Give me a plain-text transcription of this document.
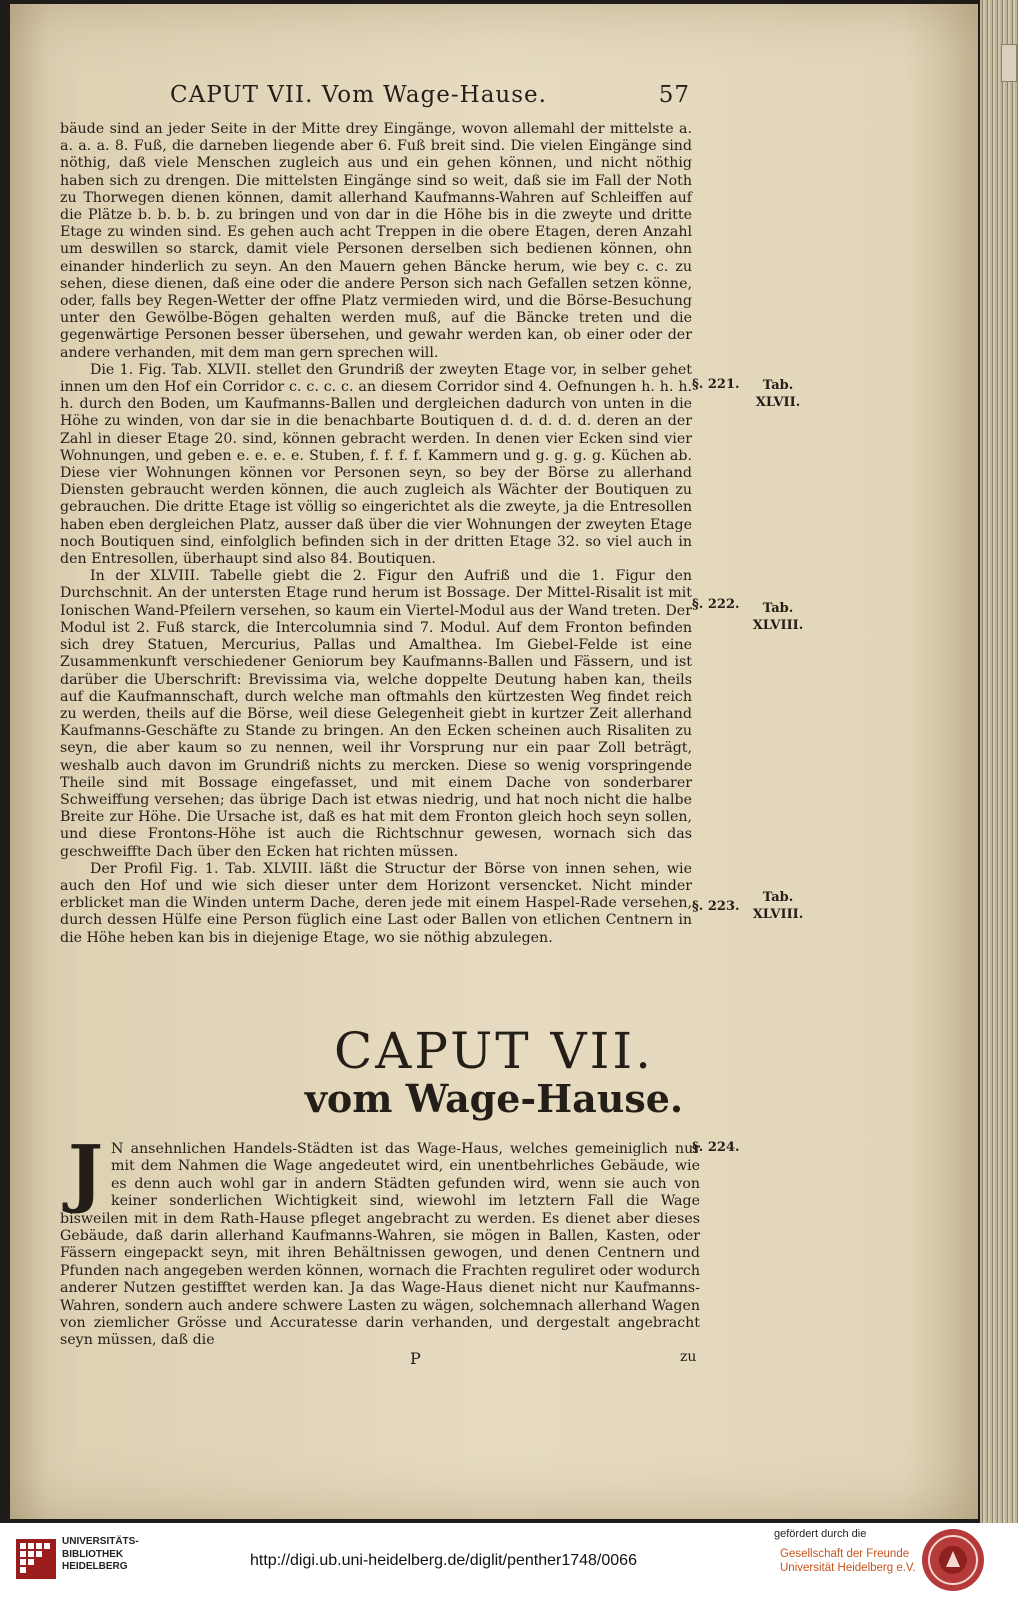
CAPUT VII. Vom Wage-Hause.	57

bäude sind an jeder Seite in der Mitte drey Eingänge, wovon allemahl der mittelste a. a. a. a. 8. Fuß, die darneben liegende aber 6. Fuß breit sind. Die vielen Eingänge sind nöthig, daß viele Menschen zugleich aus und ein gehen können, und nicht nöthig haben sich zu drengen. Die mittelsten Eingänge sind so weit, daß sie im Fall der Noth zu Thorwegen dienen können, damit allerhand Kaufmanns-Wahren auf Schleiffen auf die Plätze b. b. b. b. zu bringen und von dar in die Höhe bis in die zweyte und dritte Etage zu winden sind. Es gehen auch acht Treppen in die obere Etagen, deren Anzahl um deswillen so starck, damit viele Personen derselben sich bedienen können, ohn einander hinderlich zu seyn. An den Mauern gehen Bäncke herum, wie bey c. c. zu sehen, diese dienen, daß eine oder die andere Person sich nach Gefallen setzen könne, oder, falls bey Regen-Wetter der offne Platz vermieden wird, und die Börse-Besuchung unter den Gewölbe-Bögen gehalten werden muß, auf die Bäncke treten und die gegenwärtige Personen besser übersehen, und gewahr werden kan, ob einer oder der andere verhanden, mit dem man gern sprechen will.

Die 1. Fig. Tab. XLVII. stellet den Grundriß der zweyten Etage vor, in selber gehet innen um den Hof ein Corridor c. c. c. c. an diesem Corridor sind 4. Oefnungen h. h. h. h. durch den Boden, um Kaufmanns-Ballen und dergleichen dadurch von unten in die Höhe zu winden, von dar sie in die benachbarte Boutiquen d. d. d. d. d. deren an der Zahl in dieser Etage 20. sind, können gebracht werden. In denen vier Ecken sind vier Wohnungen, und geben e. e. e. e. Stuben, f. f. f. f. Kammern und g. g. g. g. Küchen ab. Diese vier Wohnungen können vor Personen seyn, so bey der Börse zu allerhand Diensten gebraucht werden können, die auch zugleich als Wächter der Boutiquen zu gebrauchen. Die dritte Etage ist völlig so eingerichtet als die zweyte, ja die Entresollen haben eben dergleichen Platz, ausser daß über die vier Wohnungen der zweyten Etage noch Boutiquen sind, einfolglich befinden sich in der dritten Etage 32. so viel auch in den Entresollen, überhaupt sind also 84. Boutiquen.

In der XLVIII. Tabelle giebt die 2. Figur den Aufriß und die 1. Figur den Durchschnit. An der untersten Etage rund herum ist Bossage. Der Mittel-Risalit ist mit Ionischen Wand-Pfeilern versehen, so kaum ein Viertel-Modul aus der Wand treten. Der Modul ist 2. Fuß starck, die Intercolumnia sind 7. Modul. Auf dem Fronton befinden sich drey Statuen, Mercurius, Pallas und Amalthea. Im Giebel-Felde ist eine Zusammenkunft verschiedener Geniorum bey Kaufmanns-Ballen und Fässern, und ist darüber die Uberschrift: Brevissima via, welche doppelte Deutung haben kan, theils auf die Kaufmannschaft, durch welche man oftmahls den kürtzesten Weg findet reich zu werden, theils auf die Börse, weil diese Gelegenheit giebt in kurtzer Zeit allerhand Kaufmanns-Geschäfte zu Stande zu bringen. An den Ecken scheinen auch Risaliten zu seyn, die aber kaum so zu nennen, weil ihr Vorsprung nur ein paar Zoll beträgt, weshalb auch davon im Grundriß nichts zu mercken. Diese so wenig vorspringende Theile sind mit Bossage eingefasset, und mit einem Dache von sonderbarer Schweiffung versehen; das übrige Dach ist etwas niedrig, und hat noch nicht die halbe Breite zur Höhe. Die Ursache ist, daß es hat mit dem Fronton gleich hoch seyn sollen, und diese Frontons-Höhe ist auch die Richtschnur gewesen, wornach sich das geschweiffte Dach über den Ecken hat richten müssen.

Der Profil Fig. 1. Tab. XLVIII. läßt die Structur der Börse von innen sehen, wie auch den Hof und wie sich dieser unter dem Horizont versencket. Nicht minder erblicket man die Winden unterm Dache, deren jede mit einem Haspel-Rade versehen, durch dessen Hülfe eine Person füglich eine Last oder Ballen von etlichen Centnern in die Höhe heben kan bis in diejenige Etage, wo sie nöthig abzulegen.

§. 221.	Tab. XLVII.
§. 222.	Tab. XLVIII.
§. 223.
Tab. XLVIII.
§. 224.
CAPUT VII.
vom Wage-Hause.
J N ansehnlichen Handels-Städten ist das Wage-Haus, welches gemeiniglich nur mit dem Nahmen die Wage angedeutet wird, ein unentbehrliches Gebäude, wie es denn auch wohl gar in andern Städten gefunden wird, wenn sie auch von keiner sonderlichen Wichtigkeit sind, wiewohl im letztern Fall die Wage bisweilen mit in dem Rath-Hause pfleget angebracht zu werden. Es dienet aber dieses Gebäude, daß darin allerhand Kaufmanns-Wahren, sie mögen in Ballen, Kasten, oder Fässern eingepackt seyn, mit ihren Behältnissen gewogen, und denen Centnern und Pfunden nach angegeben werden können, wornach die Frachten reguliret oder wodurch anderer Nutzen gestifftet werden kan. Ja das Wage-Haus dienet nicht nur Kaufmanns-Wahren, sondern auch andere schwere Lasten zu wägen, solchemnach allerhand Wagen von ziemlicher Grösse und Accuratesse darin verhanden, und dergestalt angebracht seyn müssen, daß die
P	zu
UNIVERSITÄTS-
BIBLIOTHEK
HEIDELBERG	http://digi.ub.uni-heidelberg.de/diglit/penther1748/0066
gefördert durch die
Gesellschaft der Freunde
Universität Heidelberg e.V.
